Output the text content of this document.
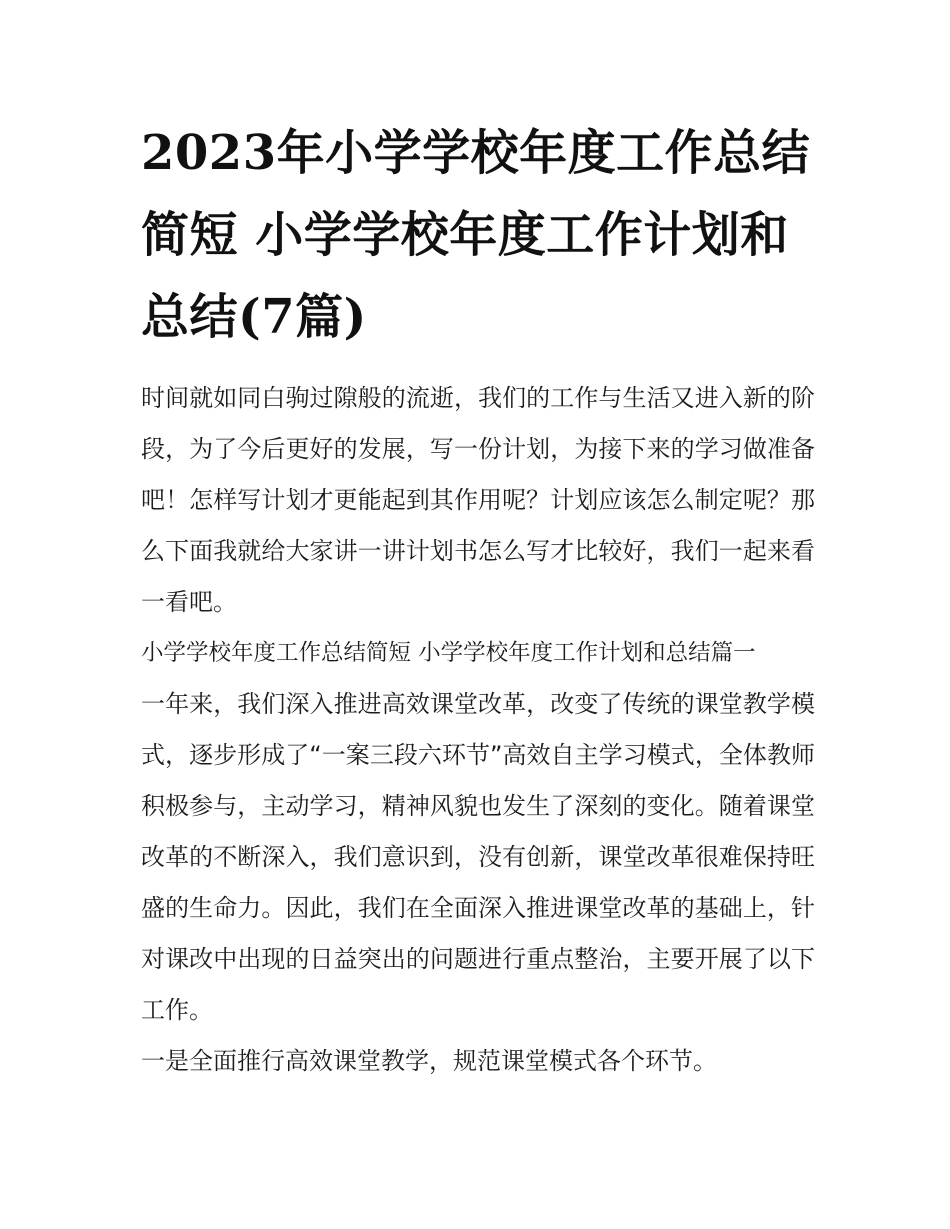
2023年小学学校年度工作总结简短 小学学校年度工作计划和总结(7篇)

时间就如同白驹过隙般的流逝，我们的工作与生活又进入新的阶段，为了今后更好的发展，写一份计划，为接下来的学习做准备吧！怎样写计划才更能起到其作用呢？计划应该怎么制定呢？那么下面我就给大家讲一讲计划书怎么写才比较好，我们一起来看一看吧。

小学学校年度工作总结简短 小学学校年度工作计划和总结篇一

一年来，我们深入推进高效课堂改革，改变了传统的课堂教学模式，逐步形成了“一案三段六环节”高效自主学习模式，全体教师积极参与，主动学习，精神风貌也发生了深刻的变化。随着课堂改革的不断深入，我们意识到，没有创新，课堂改革很难保持旺盛的生命力。因此，我们在全面深入推进课堂改革的基础上，针对课改中出现的日益突出的问题进行重点整治，主要开展了以下工作。

一是全面推行高效课堂教学，规范课堂模式各个环节。
